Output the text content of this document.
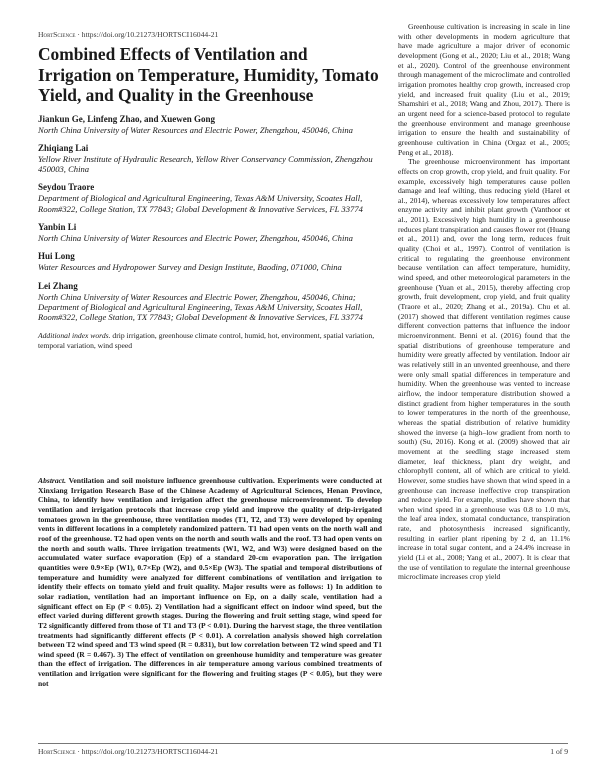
HortScience · https://doi.org/10.21273/HORTSCI16044-21
Combined Effects of Ventilation and Irrigation on Temperature, Humidity, Tomato Yield, and Quality in the Greenhouse
Jiankun Ge, Linfeng Zhao, and Xuewen Gong
North China University of Water Resources and Electric Power, Zhengzhou, 450046, China
Zhiqiang Lai
Yellow River Institute of Hydraulic Research, Yellow River Conservancy Commission, Zhengzhou 450003, China
Seydou Traore
Department of Biological and Agricultural Engineering, Texas A&M University, Scoates Hall, Room#322, College Station, TX 77843; Global Development & Innovative Services, FL 33774
Yanbin Li
North China University of Water Resources and Electric Power, Zhengzhou, 450046, China
Hui Long
Water Resources and Hydropower Survey and Design Institute, Baoding, 071000, China
Lei Zhang
North China University of Water Resources and Electric Power, Zhengzhou, 450046, China; Department of Biological and Agricultural Engineering, Texas A&M University, Scoates Hall, Room#322, College Station, TX 77843; Global Development & Innovative Services, FL 33774
Additional index words. drip irrigation, greenhouse climate control, humid, hot, environment, spatial variation, temporal variation, wind speed
Abstract. Ventilation and soil moisture influence greenhouse cultivation. Experiments were conducted at Xinxiang Irrigation Research Base of the Chinese Academy of Agricultural Sciences, Henan Province, China, to identify how ventilation and irrigation affect the greenhouse microenvironment. To develop ventilation and irrigation protocols that increase crop yield and improve the quality of drip-irrigated tomatoes grown in the greenhouse, three ventilation modes (T1, T2, and T3) were developed by opening vents in different locations in a completely randomized pattern. T1 had open vents on the north wall and roof of the greenhouse. T2 had open vents on the north and south walls and the roof. T3 had open vents on the north and south walls. Three irrigation treatments (W1, W2, and W3) were designed based on the accumulated water surface evaporation (Ep) of a standard 20-cm evaporation pan. The irrigation quantities were 0.9×Ep (W1), 0.7×Ep (W2), and 0.5×Ep (W3). The spatial and temporal distributions of temperature and humidity were analyzed for different combinations of ventilation and irrigation to identify their effects on tomato yield and fruit quality. Major results were as follows: 1) In addition to solar radiation, ventilation had an important influence on Ep, on a daily scale, ventilation had a significant effect on Ep (P < 0.05). 2) Ventilation had a significant effect on indoor wind speed, but the effect varied during different growth stages. During the flowering and fruit setting stage, wind speed for T2 significantly differed from those of T1 and T3 (P < 0.01). During the harvest stage, the three ventilation treatments had significantly different effects (P < 0.01). A correlation analysis showed high correlation between T2 wind speed and T3 wind speed (R = 0.831), but low correlation between T2 wind speed and T1 wind speed (R = 0.467). 3) The effect of ventilation on greenhouse humidity and temperature was greater than the effect of irrigation. The differences in air temperature among various combined treatments of ventilation and irrigation were significant for the flowering and fruiting stages (P < 0.05), but they were not

Greenhouse cultivation is increasing in scale in line with other developments in modern agriculture that have made agriculture a major driver of economic development (Gong et al., 2020; Liu et al., 2018; Wang et al., 2020). Control of the greenhouse environment through management of the microclimate and controlled irrigation promotes healthy crop growth, increased crop yield, and increased fruit quality (Liu et al., 2019; Shamshiri et al., 2018; Wang and Zhou, 2017). There is an urgent need for a science-based protocol to regulate the greenhouse environment and manage greenhouse irrigation to ensure the health and sustainability of greenhouse cultivation in China (Orgaz et al., 2005; Peng et al., 2018).

The greenhouse microenvironment has important effects on crop growth, crop yield, and fruit quality. For example, excessively high temperatures cause pollen damage and leaf wilting, thus reducing yield (Harel et al., 2014), whereas excessively low temperatures affect enzyme activity and inhibit plant growth (Vanthoor et al., 2011). Excessively high humidity in a greenhouse reduces plant transpiration and causes flower rot (Huang et al., 2011) and, over the long term, reduces fruit quality (Choi et al., 1997). Control of ventilation is critical to regulating the greenhouse environment because ventilation can affect temperature, humidity, wind speed, and other meteorological parameters in the greenhouse (Yuan et al., 2015), thereby affecting crop growth, fruit development, crop yield, and fruit quality (Traore et al., 2020; Zhang et al., 2019a). Chu et al. (2017) showed that different ventilation regimes cause different convection patterns that influence the indoor microenvironment. Benni et al. (2016) found that the spatial distributions of greenhouse temperature and humidity were greatly affected by ventilation. Indoor air was relatively still in an unvented greenhouse, and there were only small spatial differences in temperature and humidity. When the greenhouse was vented to increase airflow, the indoor temperature distribution showed a distinct gradient from higher temperatures in the south to lower temperatures in the north of the greenhouse, whereas the spatial distribution of relative humidity showed the inverse (a high–low gradient from north to south) (Su, 2016). Kong et al. (2009) showed that air movement at the seedling stage increased stem diameter, leaf thickness, plant dry weight, and chlorophyll content, all of which are critical to yield. However, some studies have shown that wind speed in a greenhouse can increase ineffective crop transpiration and reduce yield. For example, studies have shown that when wind speed in a greenhouse was 0.8 to 1.0 m/s, the leaf area index, stomatal conductance, transpiration rate, and photosynthesis increased significantly, resulting in earlier plant ripening by 2 d, an 11.1% increase in total sugar content, and a 24.4% increase in yield (Li et al., 2008; Yang et al., 2007). It is clear that the use of ventilation to regulate the internal greenhouse microclimate increases crop yield

HortScience · https://doi.org/10.21273/HORTSCI16044-21	1 of 9
